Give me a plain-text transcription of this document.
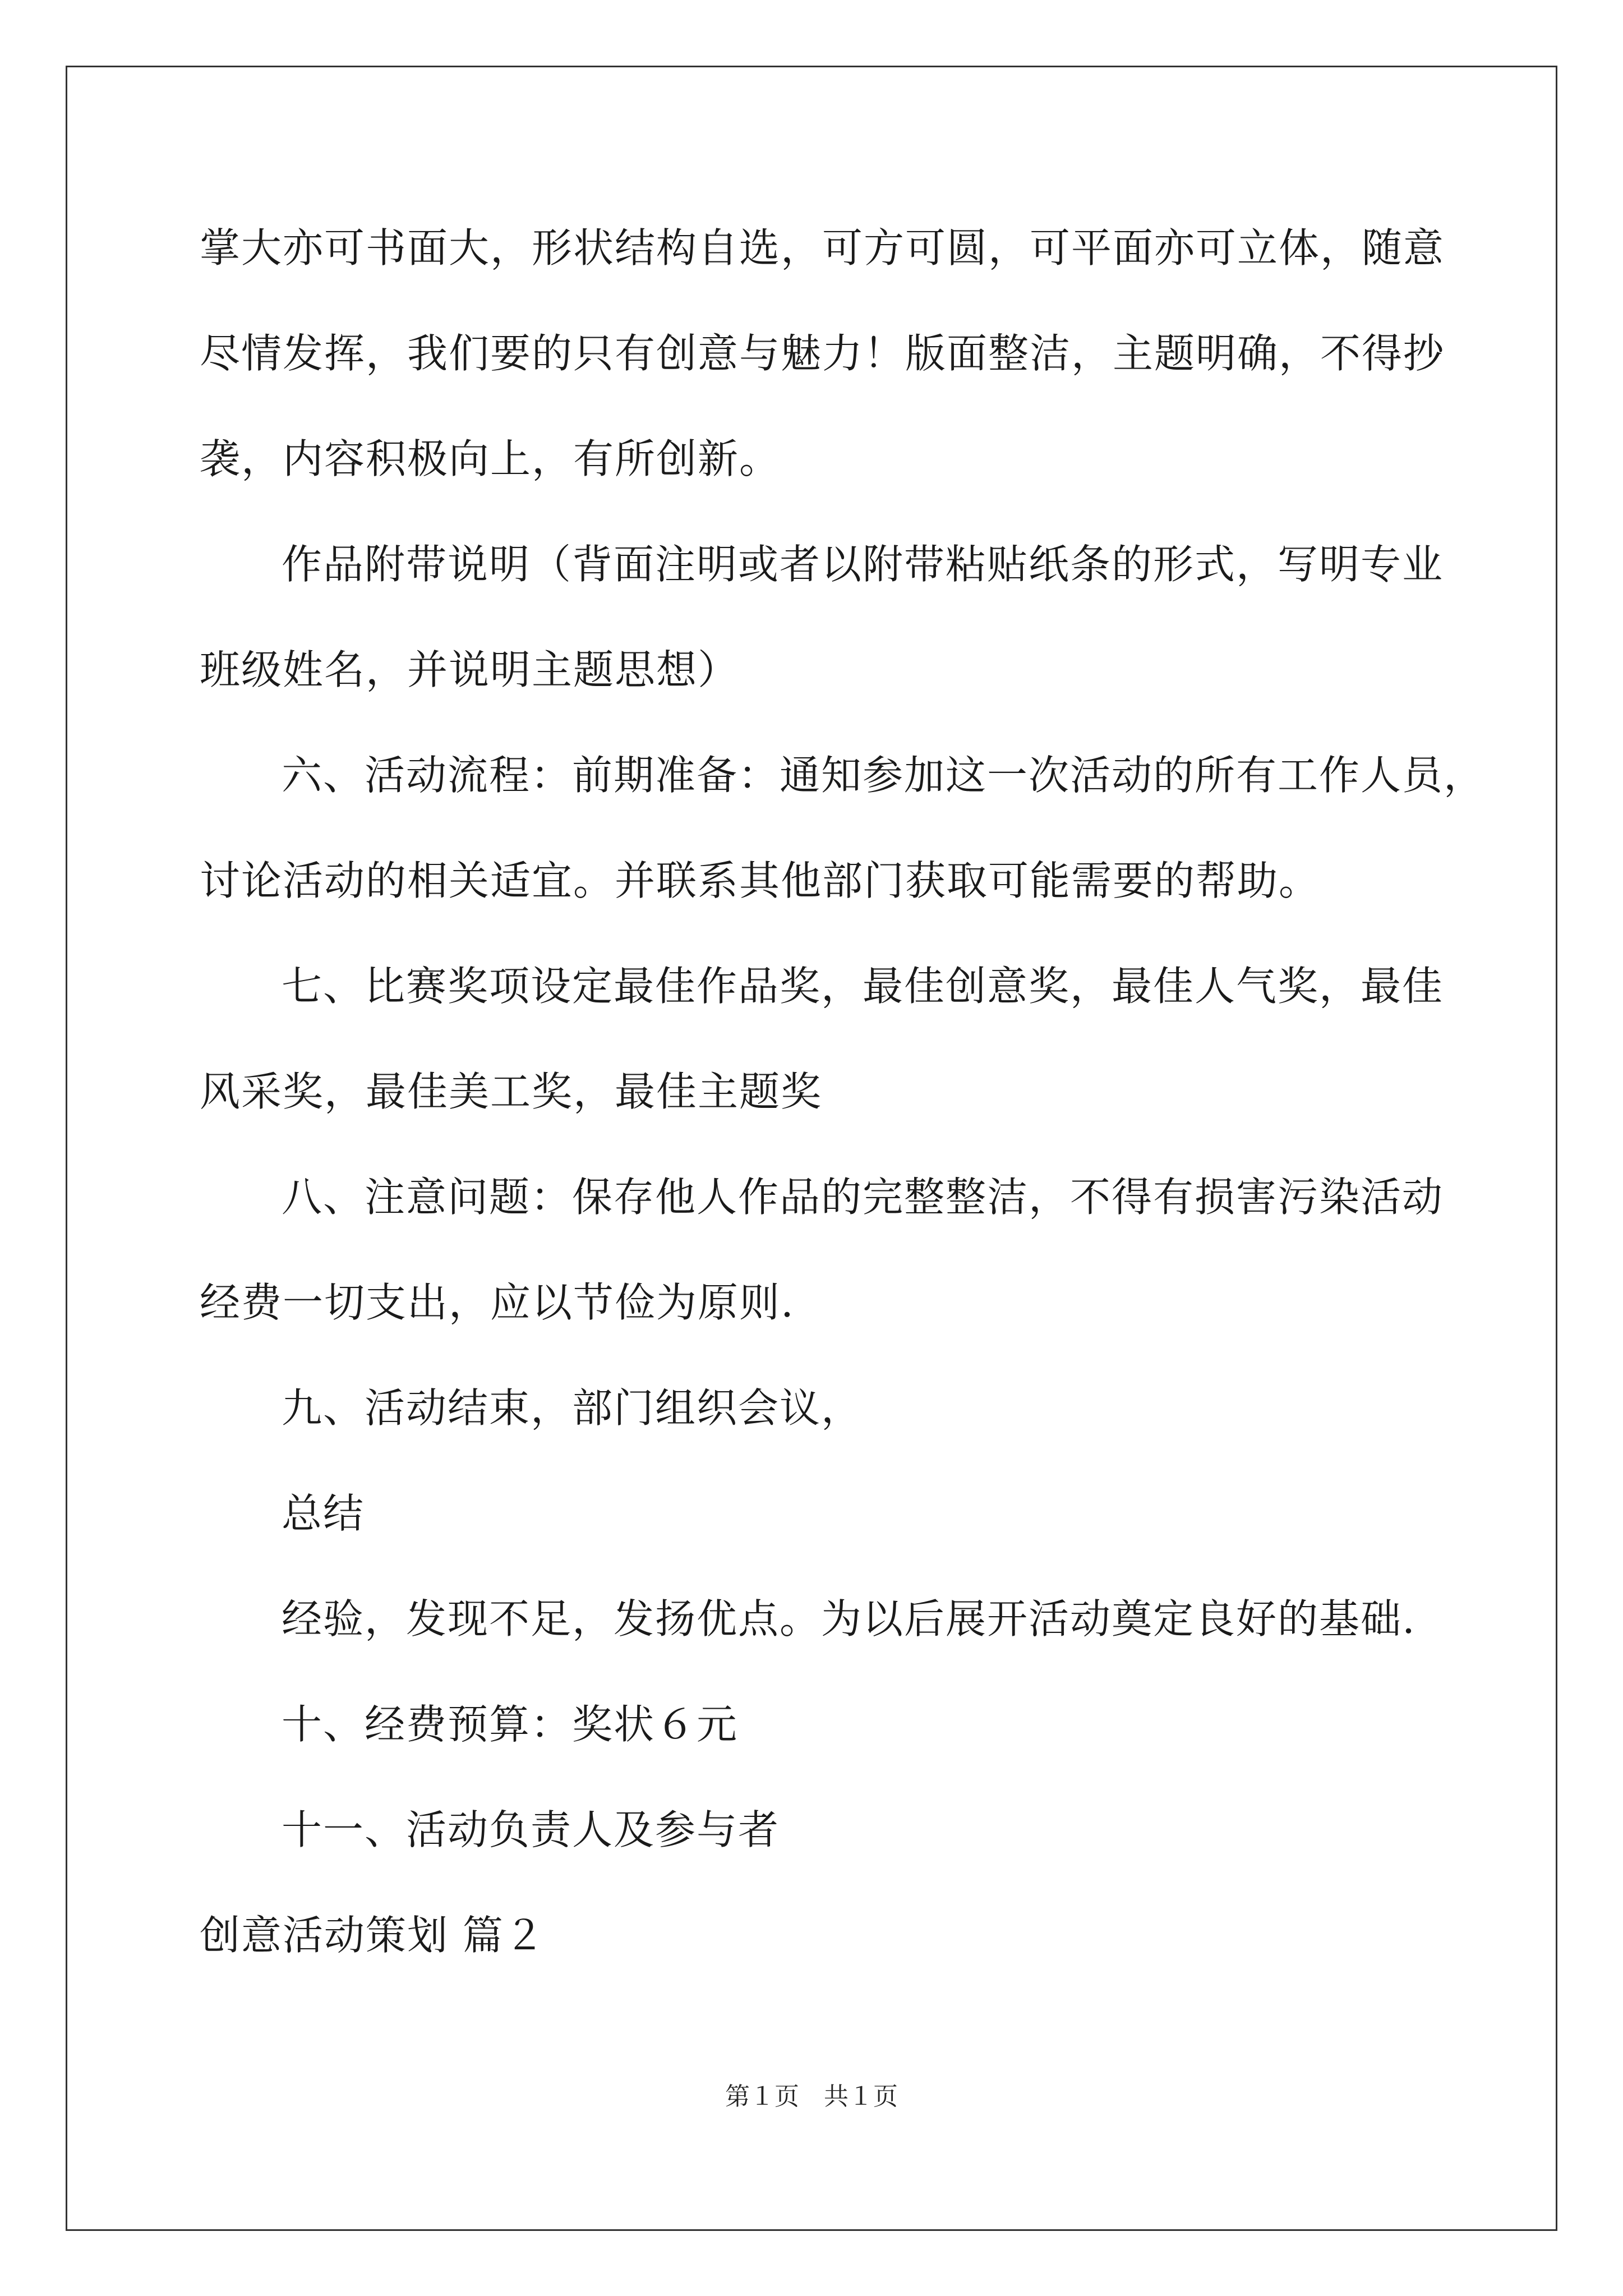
掌大亦可书面大，形状结构自选，可方可圆，可平面亦可立体，随意

尽情发挥，我们要的只有创意与魅力！版面整洁，主题明确，不得抄

袭，内容积极向上，有所创新。

作品附带说明（背面注明或者以附带粘贴纸条的形式，写明专业

班级姓名，并说明主题思想）

六、活动流程：前期准备：通知参加这一次活动的所有工作人员，

讨论活动的相关适宜。并联系其他部门获取可能需要的帮助。

七、比赛奖项设定最佳作品奖，最佳创意奖，最佳人气奖，最佳

风采奖，最佳美工奖，最佳主题奖

八、注意问题：保存他人作品的完整整洁，不得有损害污染活动

经费一切支出，应以节俭为原则.

九、活动结束，部门组织会议，

总结

经验，发现不足，发扬优点。为以后展开活动奠定良好的基础.

十、经费预算：奖状６元

十一、活动负责人及参与者

创意活动策划 篇２

第１页　共１页
